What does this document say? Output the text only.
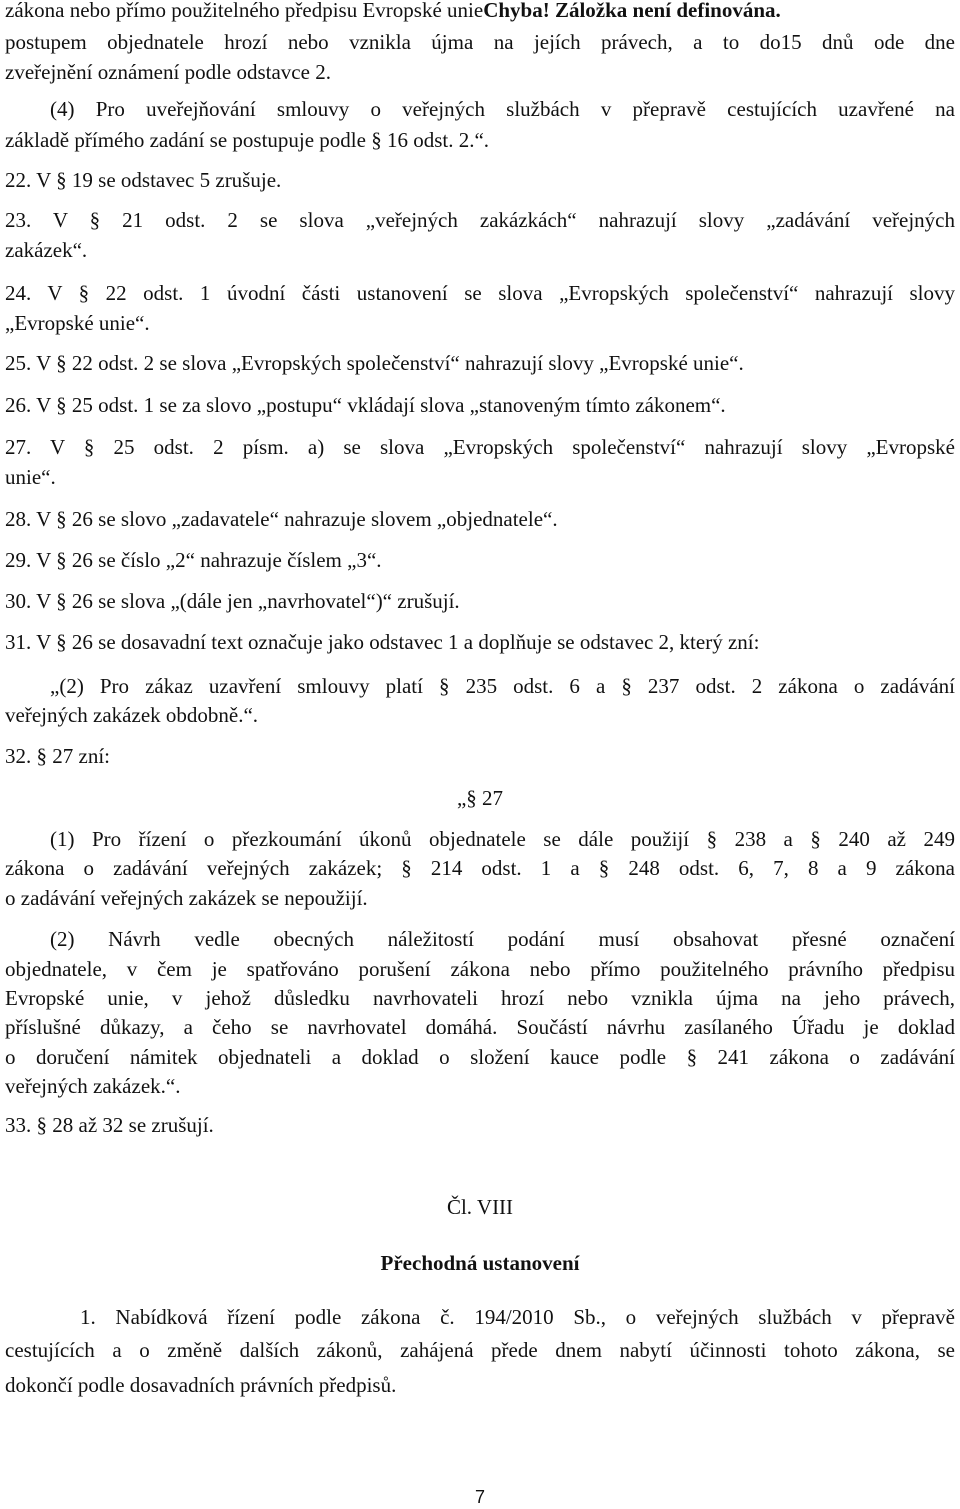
zákona nebo přímo použitelného předpisu Evropské unieChyba! Záložka není definována.
postupem objednatele hrozí nebo vznikla újma na jejích právech, a to do15 dnů ode dne
zveřejnění oznámení podle odstavce 2.
(4) Pro uveřejňování smlouvy o veřejných službách v přepravě cestujících uzavřené na
základě přímého zadání se postupuje podle § 16 odst. 2.“.
22. V § 19 se odstavec 5 zrušuje.
23. V § 21 odst. 2 se slova „veřejných zakázkách“ nahrazují slovy „zadávání veřejných
zakázek“.
24. V § 22 odst. 1 úvodní části ustanovení se slova „Evropských společenství“ nahrazují slovy
„Evropské unie“.
25. V § 22 odst. 2 se slova „Evropských společenství“ nahrazují slovy „Evropské unie“.
26. V § 25 odst. 1 se za slovo „postupu“ vkládají slova „stanoveným tímto zákonem“.
27. V § 25 odst. 2 písm. a) se slova „Evropských společenství“ nahrazují slovy „Evropské
unie“.
28. V § 26 se slovo „zadavatele“ nahrazuje slovem „objednatele“.
29. V § 26 se číslo „2“ nahrazuje číslem „3“.
30. V § 26 se slova „(dále jen „navrhovatel“)“ zrušují.
31. V § 26 se dosavadní text označuje jako odstavec 1 a doplňuje se odstavec 2, který zní:
„(2) Pro zákaz uzavření smlouvy platí § 235 odst. 6 a § 237 odst. 2 zákona o zadávání
veřejných zakázek obdobně.“.
32. § 27 zní:
„§ 27
(1) Pro řízení o přezkoumání úkonů objednatele se dále použijí § 238 a § 240 až 249
zákona o zadávání veřejných zakázek; § 214 odst. 1 a § 248 odst. 6, 7, 8 a 9 zákona
o zadávání veřejných zakázek se nepoužijí.
(2) Návrh vedle obecných náležitostí podání musí obsahovat přesné označení
objednatele, v čem je spatřováno porušení zákona nebo přímo použitelného právního předpisu
Evropské unie, v jehož důsledku navrhovateli hrozí nebo vznikla újma na jeho právech,
příslušné důkazy, a čeho se navrhovatel domáhá. Součástí návrhu zasílaného Úřadu je doklad
o doručení námitek objednateli a doklad o složení kauce podle § 241 zákona o zadávání
veřejných zakázek.“.
33. § 28 až 32 se zrušují.
Čl. VIII
Přechodná ustanovení
1. Nabídková řízení podle zákona č. 194/2010 Sb., o veřejných službách v přepravě
cestujících a o změně dalších zákonů, zahájená přede dnem nabytí účinnosti tohoto zákona, se
dokončí podle dosavadních právních předpisů.
7
